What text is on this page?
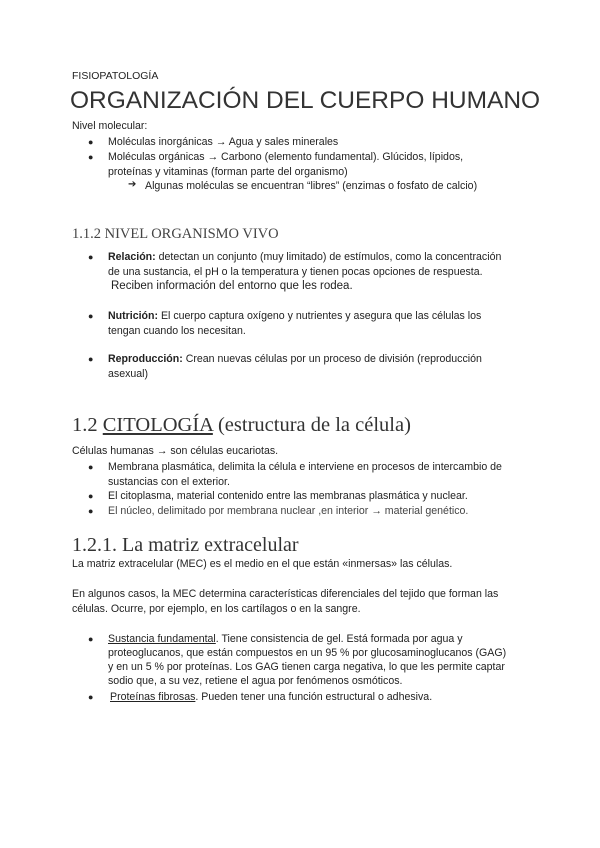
FISIOPATOLOGÍA
ORGANIZACIÓN DEL CUERPO HUMANO
Nivel molecular:
● Moléculas inorgánicas → Agua y sales minerales
● Moléculas orgánicas → Carbono (elemento fundamental). Glúcidos, lípidos,
proteínas y vitaminas (forman parte del organismo)
➔ Algunas moléculas se encuentran “libres” (enzimas o fosfato de calcio)
1.1.2 NIVEL ORGANISMO VIVO
● Relación: detectan un conjunto (muy limitado) de estímulos, como la concentración
de una sustancia, el pH o la temperatura y tienen pocas opciones de respuesta.
Reciben información del entorno que les rodea.
● Nutrición: El cuerpo captura oxígeno y nutrientes y asegura que las células los
tengan cuando los necesitan.
● Reproducción: Crean nuevas células por un proceso de división (reproducción
asexual)
1.2 CITOLOGÍA (estructura de la célula)
Células humanas → son células eucariotas.
● Membrana plasmática, delimita la célula e interviene en procesos de intercambio de
sustancias con el exterior.
● El citoplasma, material contenido entre las membranas plasmática y nuclear.
● El núcleo, delimitado por membrana nuclear ,en interior → material genético.
1.2.1. La matriz extracelular
La matriz extracelular (MEC) es el medio en el que están «inmersas» las células.
En algunos casos, la MEC determina características diferenciales del tejido que forman las
células. Ocurre, por ejemplo, en los cartílagos o en la sangre.
● Sustancia fundamental. Tiene consistencia de gel. Está formada por agua y
proteoglucanos, que están compuestos en un 95 % por glucosaminoglucanos (GAG)
y en un 5 % por proteínas. Los GAG tienen carga negativa, lo que les permite captar
sodio que, a su vez, retiene el agua por fenómenos osmóticos.
● Proteínas fibrosas. Pueden tener una función estructural o adhesiva.
